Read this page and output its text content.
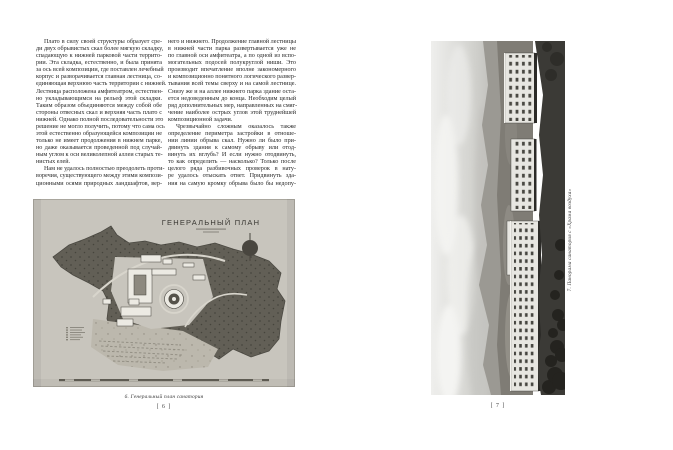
Плато в силу своей структуры образует сре-
ди двух обрывистых скал более мягкую складку,
спадающую к нижней парковой части террито-
рии. Эта складка, естественно, и была принята
за ось всей композиции, где поставлен лечебный
корпус и разворачивается главная лестница, со-
единяющая верхнюю часть территории с нижней.
Лестница расположена амфитеатром, естествен-
но укладывающимся на рельеф этой складки.
Таким образом объединяются между собой обе
стороны отвесных скал и верхняя часть плато с
нижней. Однако полной последовательности это
решение не могло получить, потому что сама ось
этой естественно образующейся композиции не
только не имеет продолжения в нижнем парке,
но даже оказывается проведенной под случай-
ным углом к оси великолепной аллеи старых те-
нистых елей.
Нам не удалось полностью преодолеть проти-
воречия, существующего между этими компози-
ционными осями природных ландшафтов, вер-
него и нижнего. Продолжение главной лестницы
в нижней части парка развертывается уже не
по главной оси амфитеатра, а по одной из вспо-
могательных подосей полукруглой ниши. Это
производит впечатление вполне закономерного
и композиционно понятного логического развер-
тывания всей темы сверху и на самой лестнице.
Снизу же и на аллее нижнего парка здание оста-
ется недоведенным до конца. Необходим целый
ряд дополнительных мер, направленных на смяг-
чение наиболее острых углов этой труднейшей
композиционной задачи.
Чрезвычайно сложным оказалось также
определение периметра застройки в отноше-
нии линии обрыва скал. Нужно ли было при-
двинуть здания к самому обрыву или отод-
винуть их вглубь? И если нужно отодвинуть,
то как определить — насколько? Только после
целого ряда разбивочных проверок в нату-
ре удалось отыскать ответ. Придвинуть зда-
ния на самую кромку обрыва было бы недопу-
ГЕНЕРАЛЬНЫЙ ПЛАН
6. Генеральный план санатория
[ 6 ]
7. Панорама санатория с «Храма воздуха»
[ 7 ]
